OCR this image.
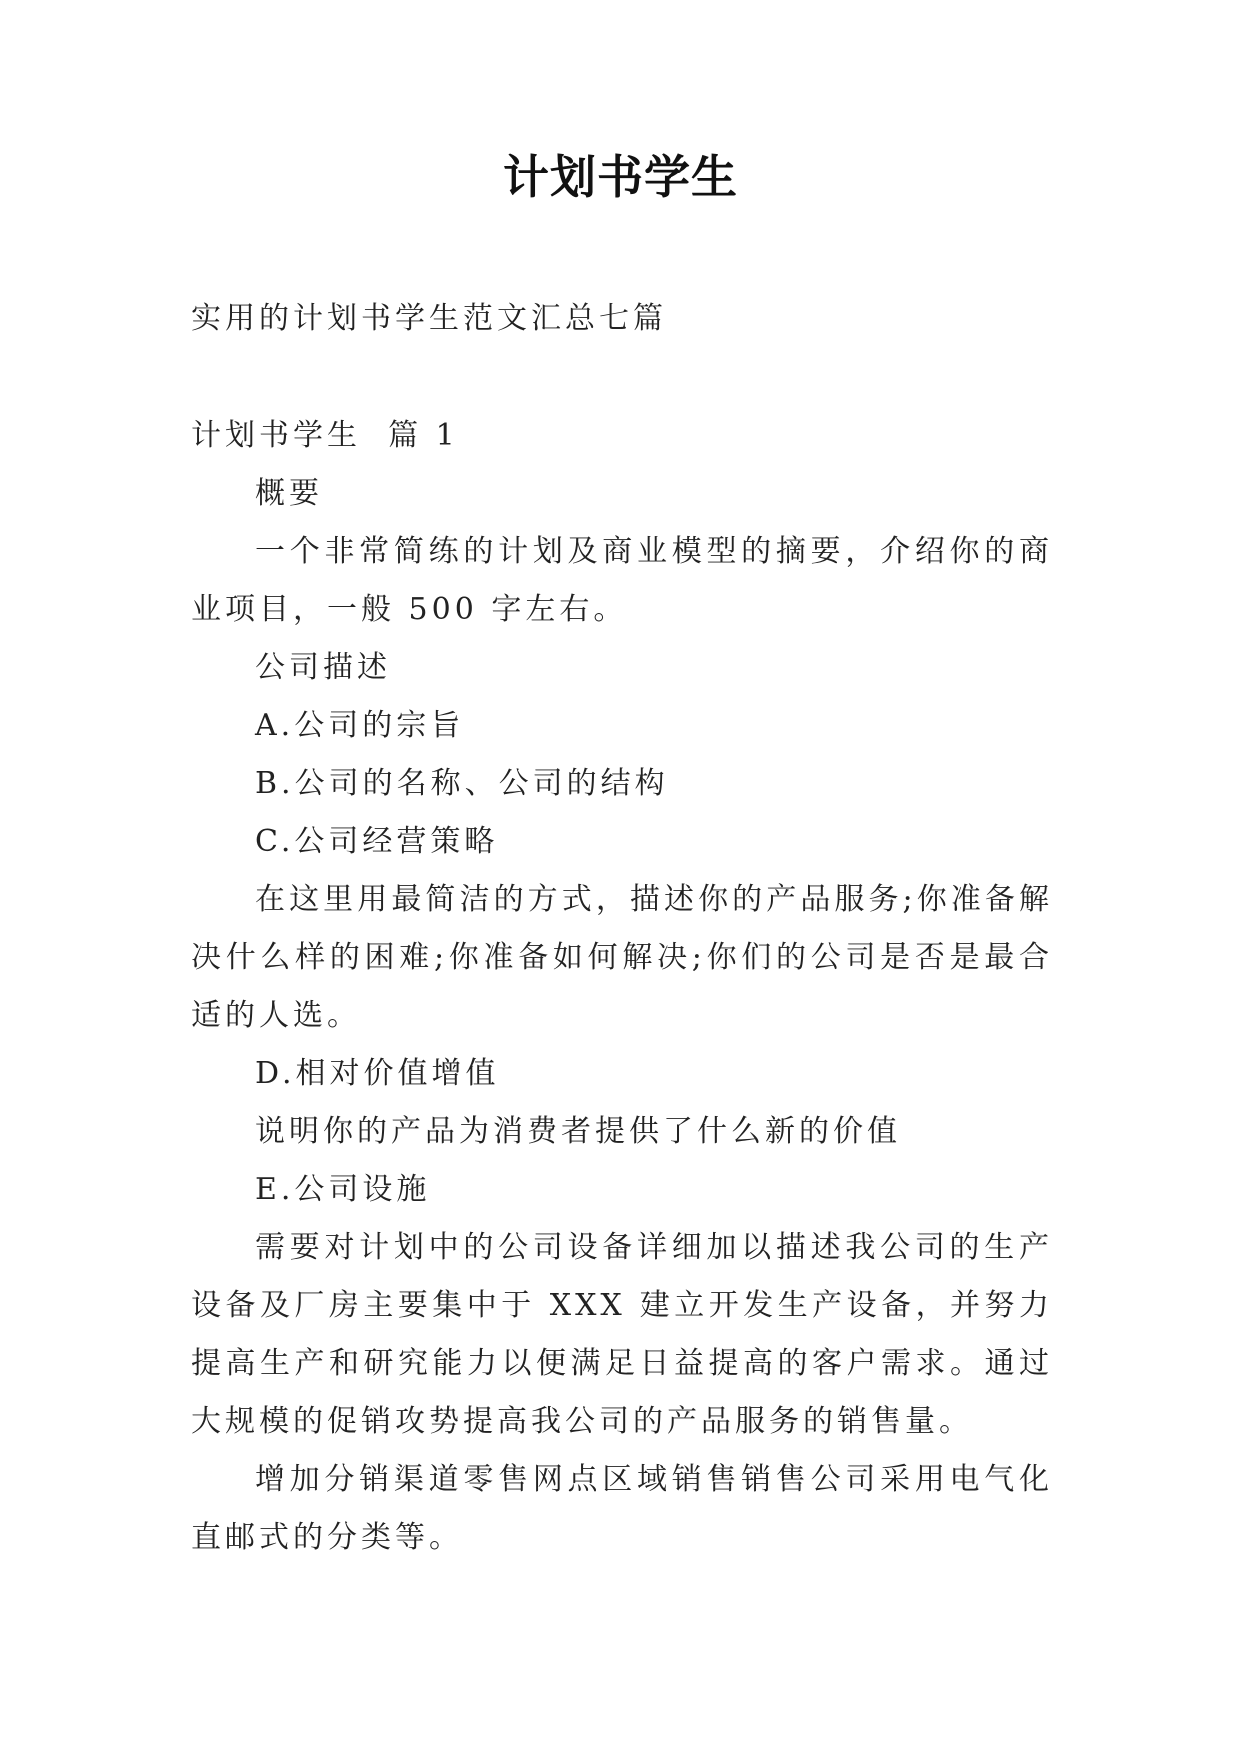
计划书学生

实用的计划书学生范文汇总七篇

计划书学生  篇 1

概要

一个非常简练的计划及商业模型的摘要，介绍你的商业项目，一般 500 字左右。

公司描述

A.公司的宗旨

B.公司的名称、公司的结构

C.公司经营策略

在这里用最简洁的方式，描述你的产品服务;你准备解决什么样的困难;你准备如何解决;你们的公司是否是最合适的人选。

D.相对价值增值

说明你的产品为消费者提供了什么新的价值

E.公司设施

需要对计划中的公司设备详细加以描述我公司的生产设备及厂房主要集中于 XXX 建立开发生产设备，并努力提高生产和研究能力以便满足日益提高的客户需求。通过大规模的促销攻势提高我公司的产品服务的销售量。

增加分销渠道零售网点区域销售销售公司采用电气化直邮式的分类等。
